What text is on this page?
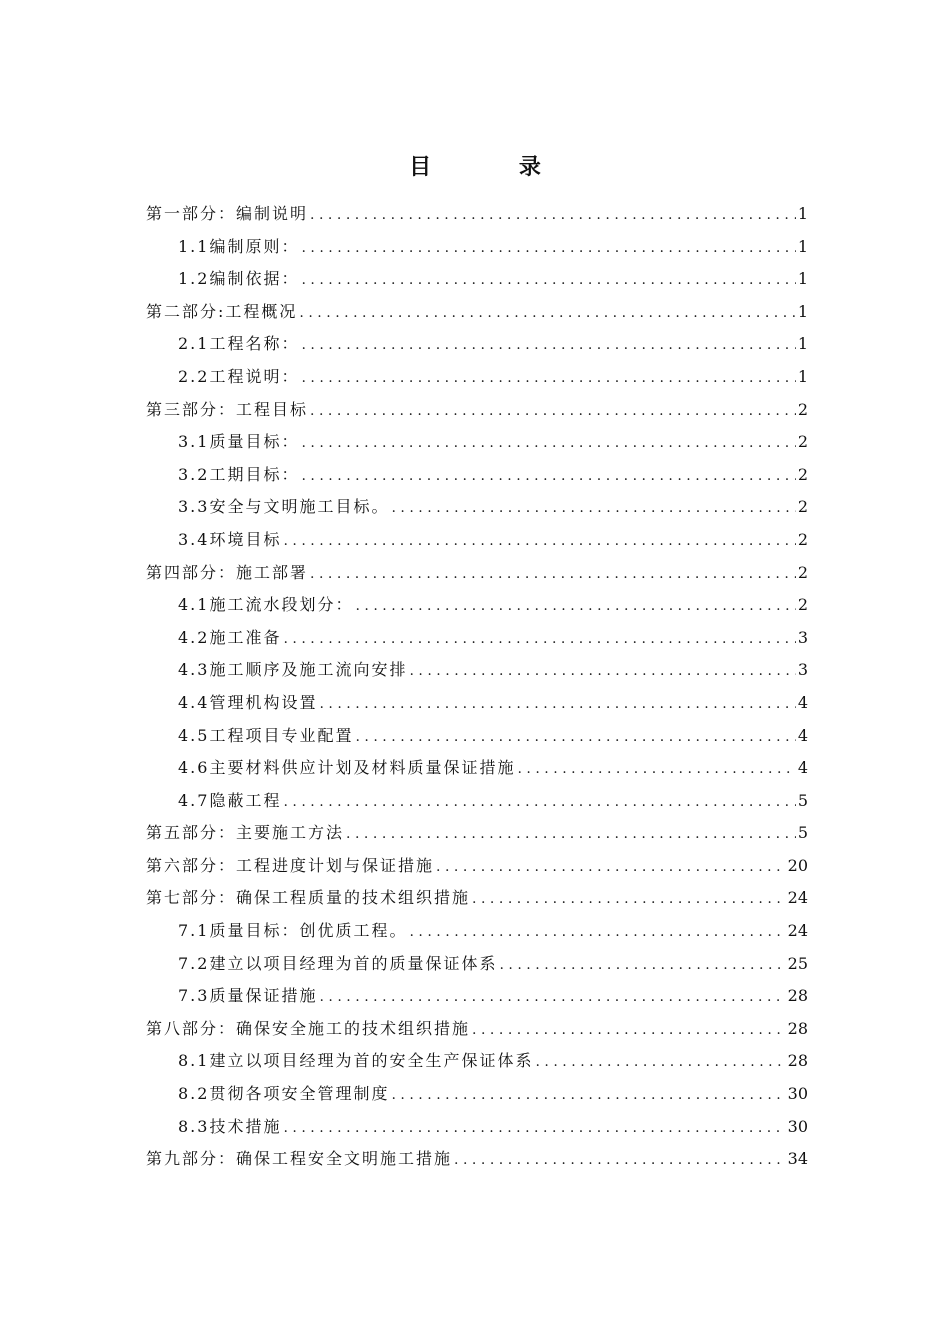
目 录
第一部分：编制说明 .....	1
1.1编制原则： .....	1
1.2编制依据： .....	1
第二部分:工程概况 .....	1
2.1工程名称： .....	1
2.2工程说明： .....	1
第三部分：工程目标 .....	2
3.1质量目标： .....	2
3.2工期目标： .....	2
3.3安全与文明施工目标。 .....	2
3.4环境目标 .....	2
第四部分：施工部署 .....	2
4.1施工流水段划分： .....	2
4.2施工准备 .....	3
4.3施工顺序及施工流向安排 .....	3
4.4管理机构设置 .....	4
4.5工程项目专业配置 .....	4
4.6主要材料供应计划及材料质量保证措施 .....	4
4.7隐蔽工程 .....	5
第五部分：主要施工方法 .....	5
第六部分：工程进度计划与保证措施 .....	20
第七部分：确保工程质量的技术组织措施 .....	24
7.1质量目标：创优质工程。 .....	24
7.2建立以项目经理为首的质量保证体系 .....	25
7.3质量保证措施 .....	28
第八部分：确保安全施工的技术组织措施 .....	28
8.1建立以项目经理为首的安全生产保证体系 .....	28
8.2贯彻各项安全管理制度 .....	30
8.3技术措施 .....	30
第九部分：确保工程安全文明施工措施 .....	34
